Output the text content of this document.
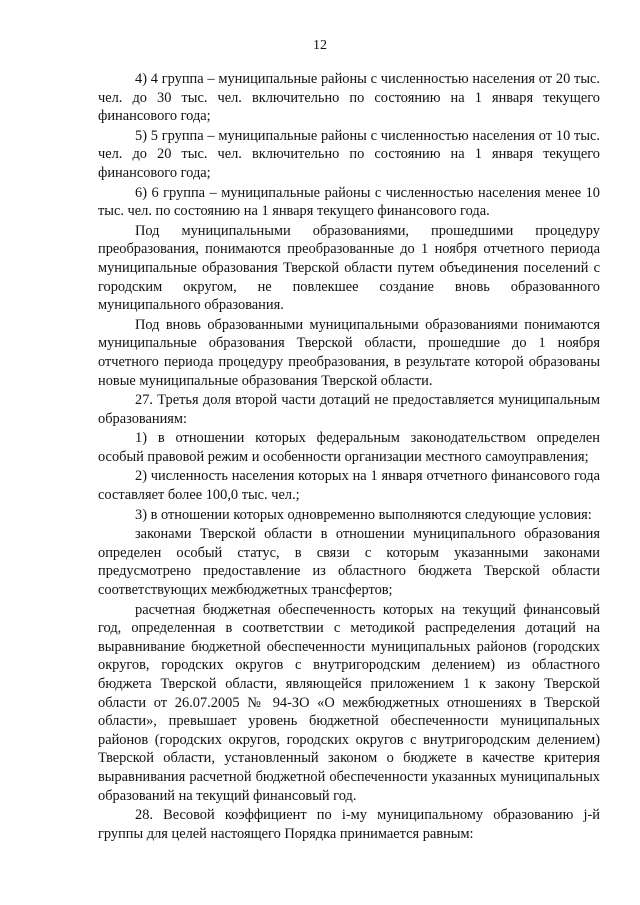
12

4) 4 группа – муниципальные районы с численностью населения от 20 тыс. чел. до 30 тыс. чел. включительно по состоянию на 1 января текущего финансового года;

5) 5 группа – муниципальные районы с численностью населения от 10 тыс. чел. до 20 тыс. чел. включительно по состоянию на 1 января текущего финансового года;

6) 6 группа – муниципальные районы с численностью населения менее 10 тыс. чел. по состоянию на 1 января текущего финансового года.

Под муниципальными образованиями, прошедшими процедуру преобразования, понимаются преобразованные до 1 ноября отчетного периода муниципальные образования Тверской области путем объединения поселений с городским округом, не повлекшее создание вновь образованного муниципального образования.

Под вновь образованными муниципальными образованиями понимаются муниципальные образования Тверской области, прошедшие до 1 ноября отчетного периода процедуру преобразования, в результате которой образованы новые муниципальные образования Тверской области.

27. Третья доля второй части дотаций не предоставляется муниципальным образованиям:

1) в отношении которых федеральным законодательством определен особый правовой режим и особенности организации местного самоуправления;

2) численность населения которых на 1 января отчетного финансового года составляет более 100,0 тыс. чел.;

3) в отношении которых одновременно выполняются следующие условия:

законами Тверской области в отношении муниципального образования определен особый статус, в связи с которым указанными законами предусмотрено предоставление из областного бюджета Тверской области соответствующих межбюджетных трансфертов;

расчетная бюджетная обеспеченность которых на текущий финансовый год, определенная в соответствии с методикой распределения дотаций на выравнивание бюджетной обеспеченности муниципальных районов (городских округов, городских округов с внутригородским делением) из областного бюджета Тверской области, являющейся приложением 1 к закону Тверской области от 26.07.2005 № 94-ЗО «О межбюджетных отношениях в Тверской области», превышает уровень бюджетной обеспеченности муниципальных районов (городских округов, городских округов с внутригородским делением) Тверской области, установленный законом о бюджете в качестве критерия выравнивания расчетной бюджетной обеспеченности указанных муниципальных образований на текущий финансовый год.

28. Весовой коэффициент по i-му муниципальному образованию j-й группы для целей настоящего Порядка принимается равным:
